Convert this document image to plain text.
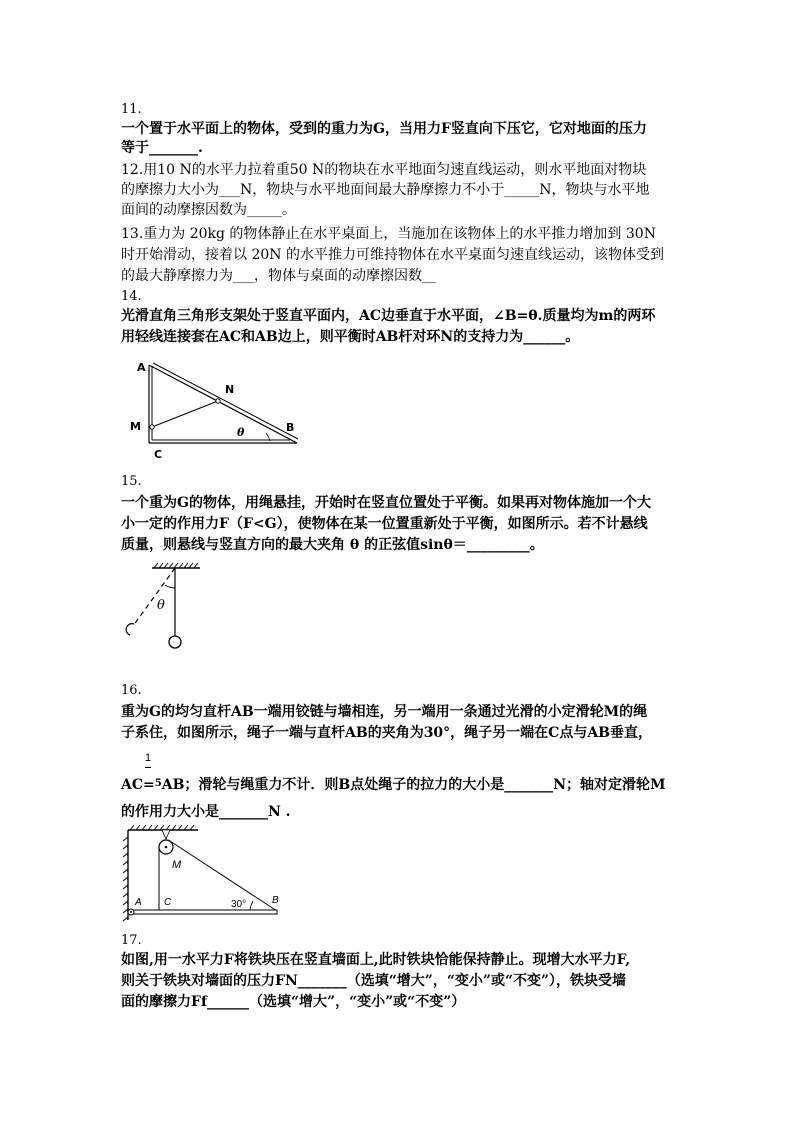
11.
一个置于水平面上的物体，受到的重力为G，当用力F竖直向下压它，它对地面的压力
等于_______.
12.用10 N的水平力拉着重50 N的物块在水平地面匀速直线运动，则水平地面对物块
的摩擦力大小为___N，物块与水平地面间最大静摩擦力不小于_____N，物块与水平地
面间的动摩擦因数为_____。
13.重力为 20kg 的物体静止在水平桌面上，当施加在该物体上的水平推力增加到 30N
时开始滑动，接着以 20N 的水平推力可维持物体在水平桌面匀速直线运动，该物体受到
的最大静摩擦力为___，物体与桌面的动摩擦因数__
14.
光滑直角三角形支架处于竖直平面内，AC边垂直于水平面，∠B=θ.质量均为m的两环
用轻线连接套在AC和AB边上，则平衡时AB杆对环N的支持力为______。
A
M
N
B
C
θ
15.
一个重为G的物体，用绳悬挂，开始时在竖直位置处于平衡。如果再对物体施加一个大
小一定的作用力F（F<G），使物体在某一位置重新处于平衡，如图所示。若不计悬线
质量，则悬线与竖直方向的最大夹角 θ 的正弦值sinθ＝_________。
θ
16.
重为G的均匀直杆AB一端用铰链与墙相连，另一端用一条通过光滑的小定滑轮M的绳
子系住，如图所示，绳子一端与直杆AB的夹角为30°，绳子另一端在C点与AB垂直，
1
AC=$^5$AB；滑轮与绳重力不计．则B点处绳子的拉力的大小是_______N；轴对定滑轮M
的作用力大小是_______N .
M
A C	30°	B
17.
如图,用一水平力F将铁块压在竖直墙面上,此时铁块恰能保持静止。现增大水平力F,
则关于铁块对墙面的压力FN_______（选填“增大”，“变小”或“不变”），铁块受墙
面的摩擦力Ff______（选填“增大”，“变小”或“不变”）
